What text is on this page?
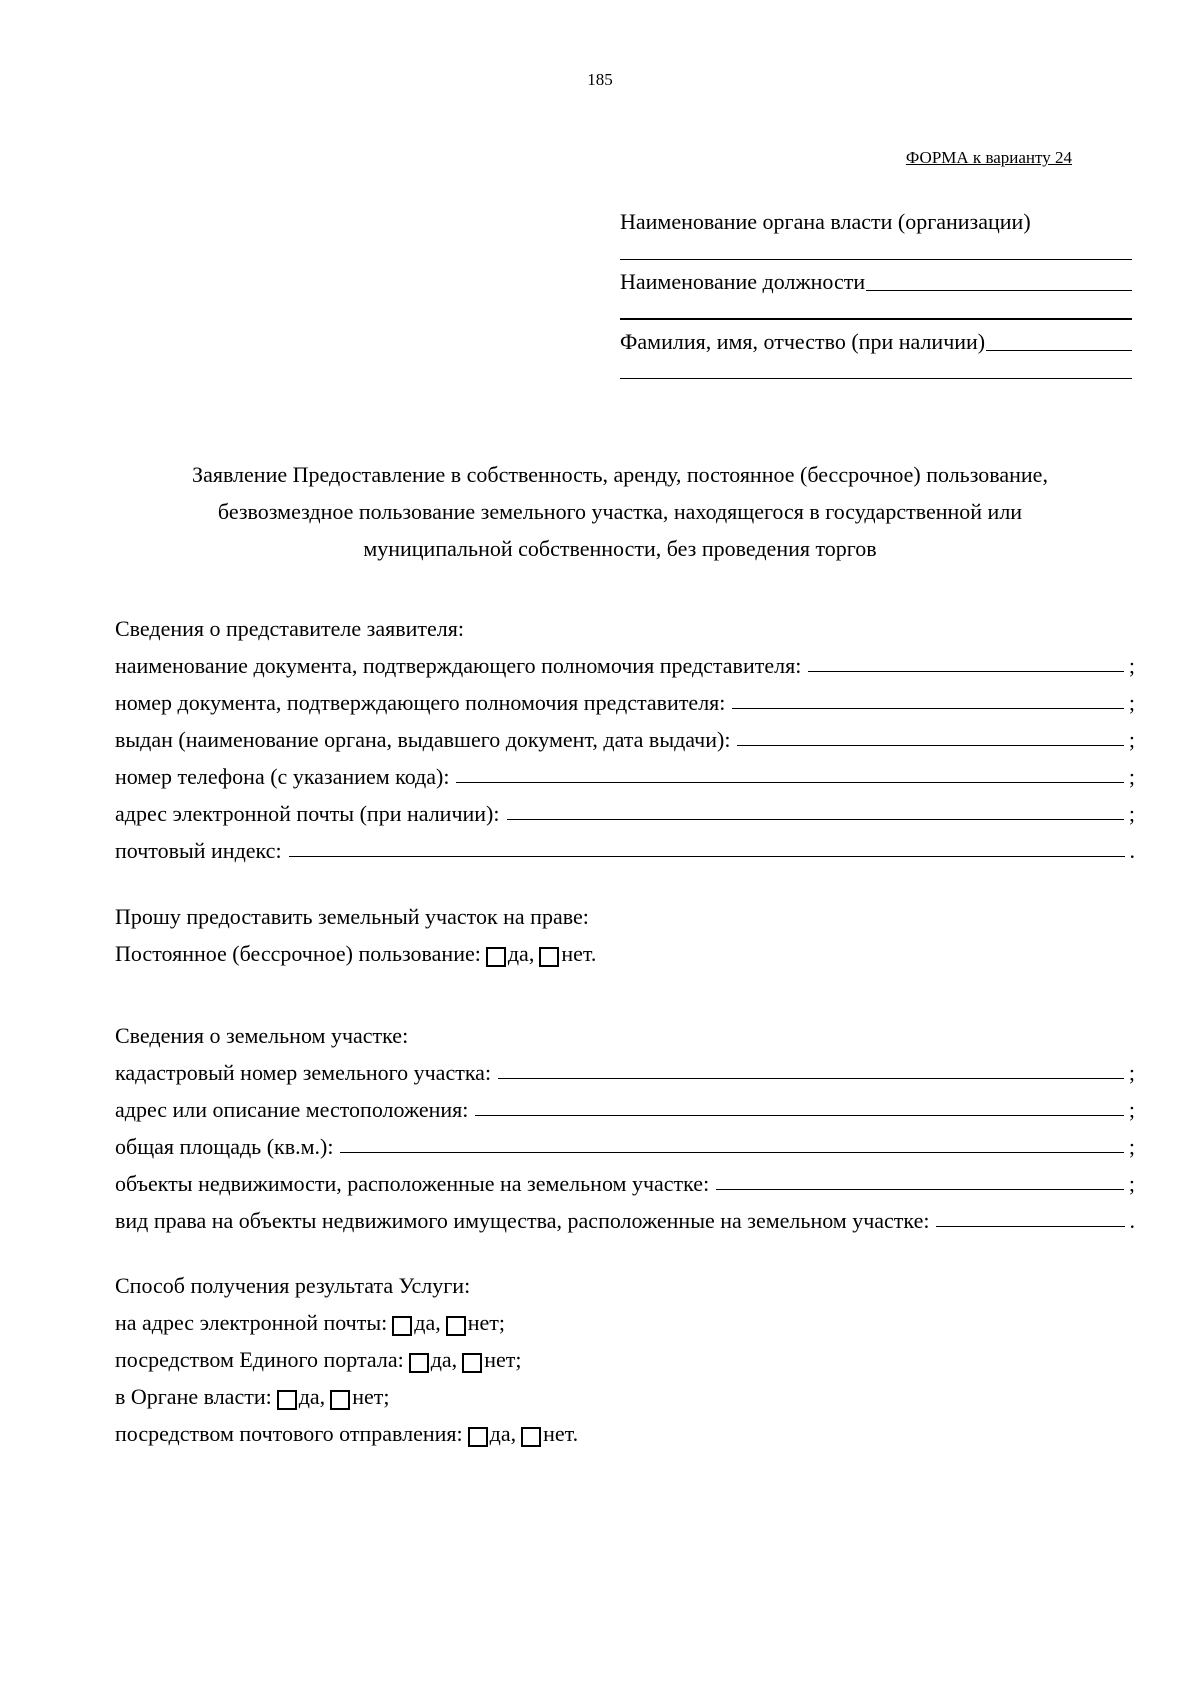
185
ФОРМА к варианту 24
Наименование органа власти (организации)
Наименование должности
Фамилия, имя, отчество (при наличии)
Заявление Предоставление в собственность, аренду, постоянное (бессрочное) пользование,
безвозмездное пользование земельного участка, находящегося в государственной или
муниципальной собственности, без проведения торгов
Сведения о представителе заявителя:
наименование документа, подтверждающего полномочия представителя:	;
номер документа, подтверждающего полномочия представителя:	;
выдан (наименование органа, выдавшего документ, дата выдачи):	;
номер телефона (с указанием кода):	;
адрес электронной почты (при наличии):	;
почтовый индекс:	.
Прошу предоставить земельный участок на праве:
Постоянное (бессрочное) пользование: да, нет.
Сведения о земельном участке:
кадастровый номер земельного участка:	;
адрес или описание местоположения:	;
общая площадь (кв.м.):	;
объекты недвижимости, расположенные на земельном участке:	;
вид права на объекты недвижимого имущества, расположенные на земельном участке:	.
Способ получения результата Услуги:
на адрес электронной почты: да, нет;
посредством Единого портала: да, нет;
в Органе власти: да, нет;
посредством почтового отправления: да, нет.
